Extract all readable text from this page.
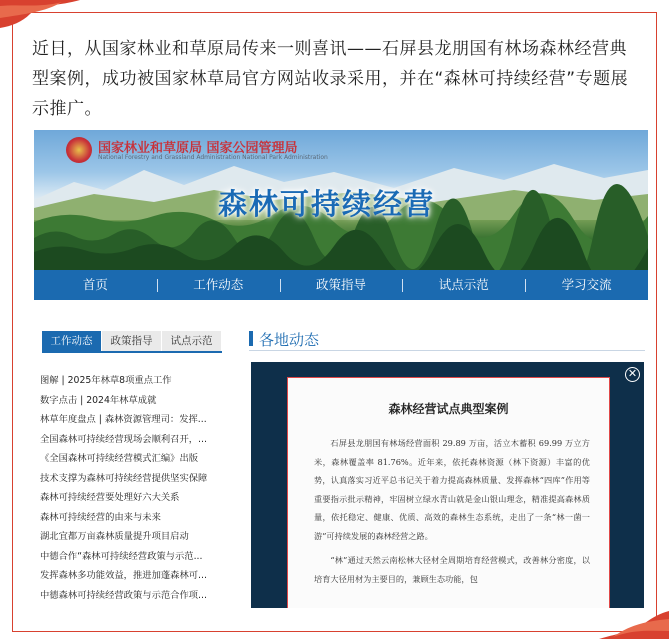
近日，从国家林业和草原局传来一则喜讯——石屏县龙朋国有林场森林经营典型案例，成功被国家林草局官方网站收录采用，并在“森林可持续经营”专题展示推广。
国家林业和草原局 国家公园管理局
National Forestry and Grassland Administration National Park Administration
森林可持续经营
首页	工作动态	政策指导	试点示范	学习交流
工作动态	政策指导	试点示范
图解 | 2025年林草8项重点工作
数字点击 | 2024年林草成就
林草年度盘点 | 森林资源管理司：发挥...
全国森林可持续经营现场会顺利召开，...
《全国森林可持续经营模式汇编》出版
技术支撑为森林可持续经营提供坚实保障
森林可持续经营要处理好六大关系
森林可持续经营的由来与未来
湖北宜都万亩森林质量提升项目启动
中德合作“森林可持续经营政策与示范...
发挥森林多功能效益，推进加蓬森林可...
中德森林可持续经营政策与示范合作项...
各地动态
✕
森林经营试点典型案例

石屏县龙朋国有林场经营面积 29.89 万亩，活立木蓄积 69.99 万立方米，森林覆盖率 81.76%。近年来，依托森林资源（林下资源）丰富的优势，认真落实习近平总书记关于着力提高森林质量、发挥森林“四库”作用等重要指示批示精神，牢固树立绿水青山就是金山银山理念，精准提高森林质量，依托稳定、健康、优质、高效的森林生态系统，走出了一条“林一菌一游”可持续发展的森林经营之路。

“林”通过天然云南松林大径材全周期培育经营模式，改善林分密度，以培育大径用材为主要目的，兼顾生态功能，包
